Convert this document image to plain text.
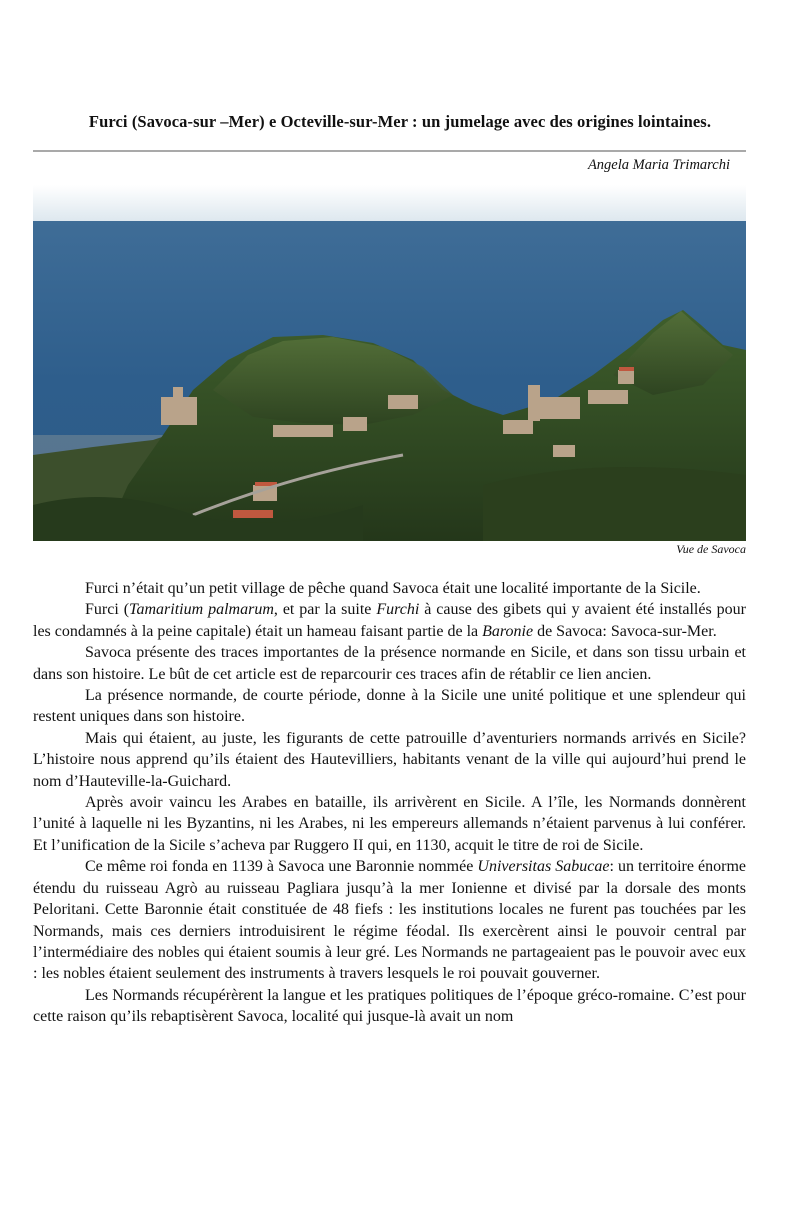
Furci (Savoca-sur –Mer) e Octeville-sur-Mer : un jumelage avec des origines lointaines.

Angela Maria Trimarchi

Vue de Savoca

Furci n’était qu’un petit village de pêche quand Savoca était une localité importante de la Sicile.

Furci (Tamaritium palmarum, et par la suite Furchi à cause des gibets qui y avaient été installés pour les condamnés à la peine capitale) était un hameau faisant partie de la Baronie de Savoca: Savoca-sur-Mer.

Savoca présente des traces importantes de la présence normande en Sicile, et dans son tissu urbain et dans son histoire. Le bût de cet article est de reparcourir ces traces afin de rétablir ce lien ancien.

La présence normande, de courte période, donne à la Sicile une unité politique et une splendeur qui restent uniques dans son histoire.

Mais qui étaient, au juste, les figurants de cette patrouille d’aventuriers normands arrivés en Sicile? L’histoire nous apprend qu’ils étaient des Hautevilliers, habitants venant de la ville qui aujourd’hui prend le nom d’Hauteville-la-Guichard.

Après avoir vaincu les Arabes en bataille, ils arrivèrent en Sicile. A l’île, les Normands donnèrent l’unité à laquelle ni les Byzantins, ni les Arabes, ni les empereurs allemands n’étaient parvenus à lui conférer. Et l’unification de la Sicile s’acheva par Ruggero II qui, en 1130, acquit le titre de roi de Sicile.

Ce même roi fonda en 1139 à Savoca une Baronnie nommée Universitas Sabucae: un territoire énorme étendu du ruisseau Agrò au ruisseau Pagliara jusqu’à la mer Ionienne et divisé par la dorsale des monts Peloritani. Cette Baronnie était constituée de 48 fiefs : les institutions locales ne furent pas touchées par les Normands, mais ces derniers introduisirent le régime féodal. Ils exercèrent ainsi le pouvoir central par l’intermédiaire des nobles qui étaient soumis à leur gré. Les Normands ne partageaient pas le pouvoir avec eux : les nobles étaient seulement des instruments à travers lesquels le roi pouvait gouverner.

Les Normands récupérèrent la langue et les pratiques politiques de l’époque gréco-romaine. C’est pour cette raison qu’ils rebaptisèrent Savoca, localité qui jusque-là avait un nom
